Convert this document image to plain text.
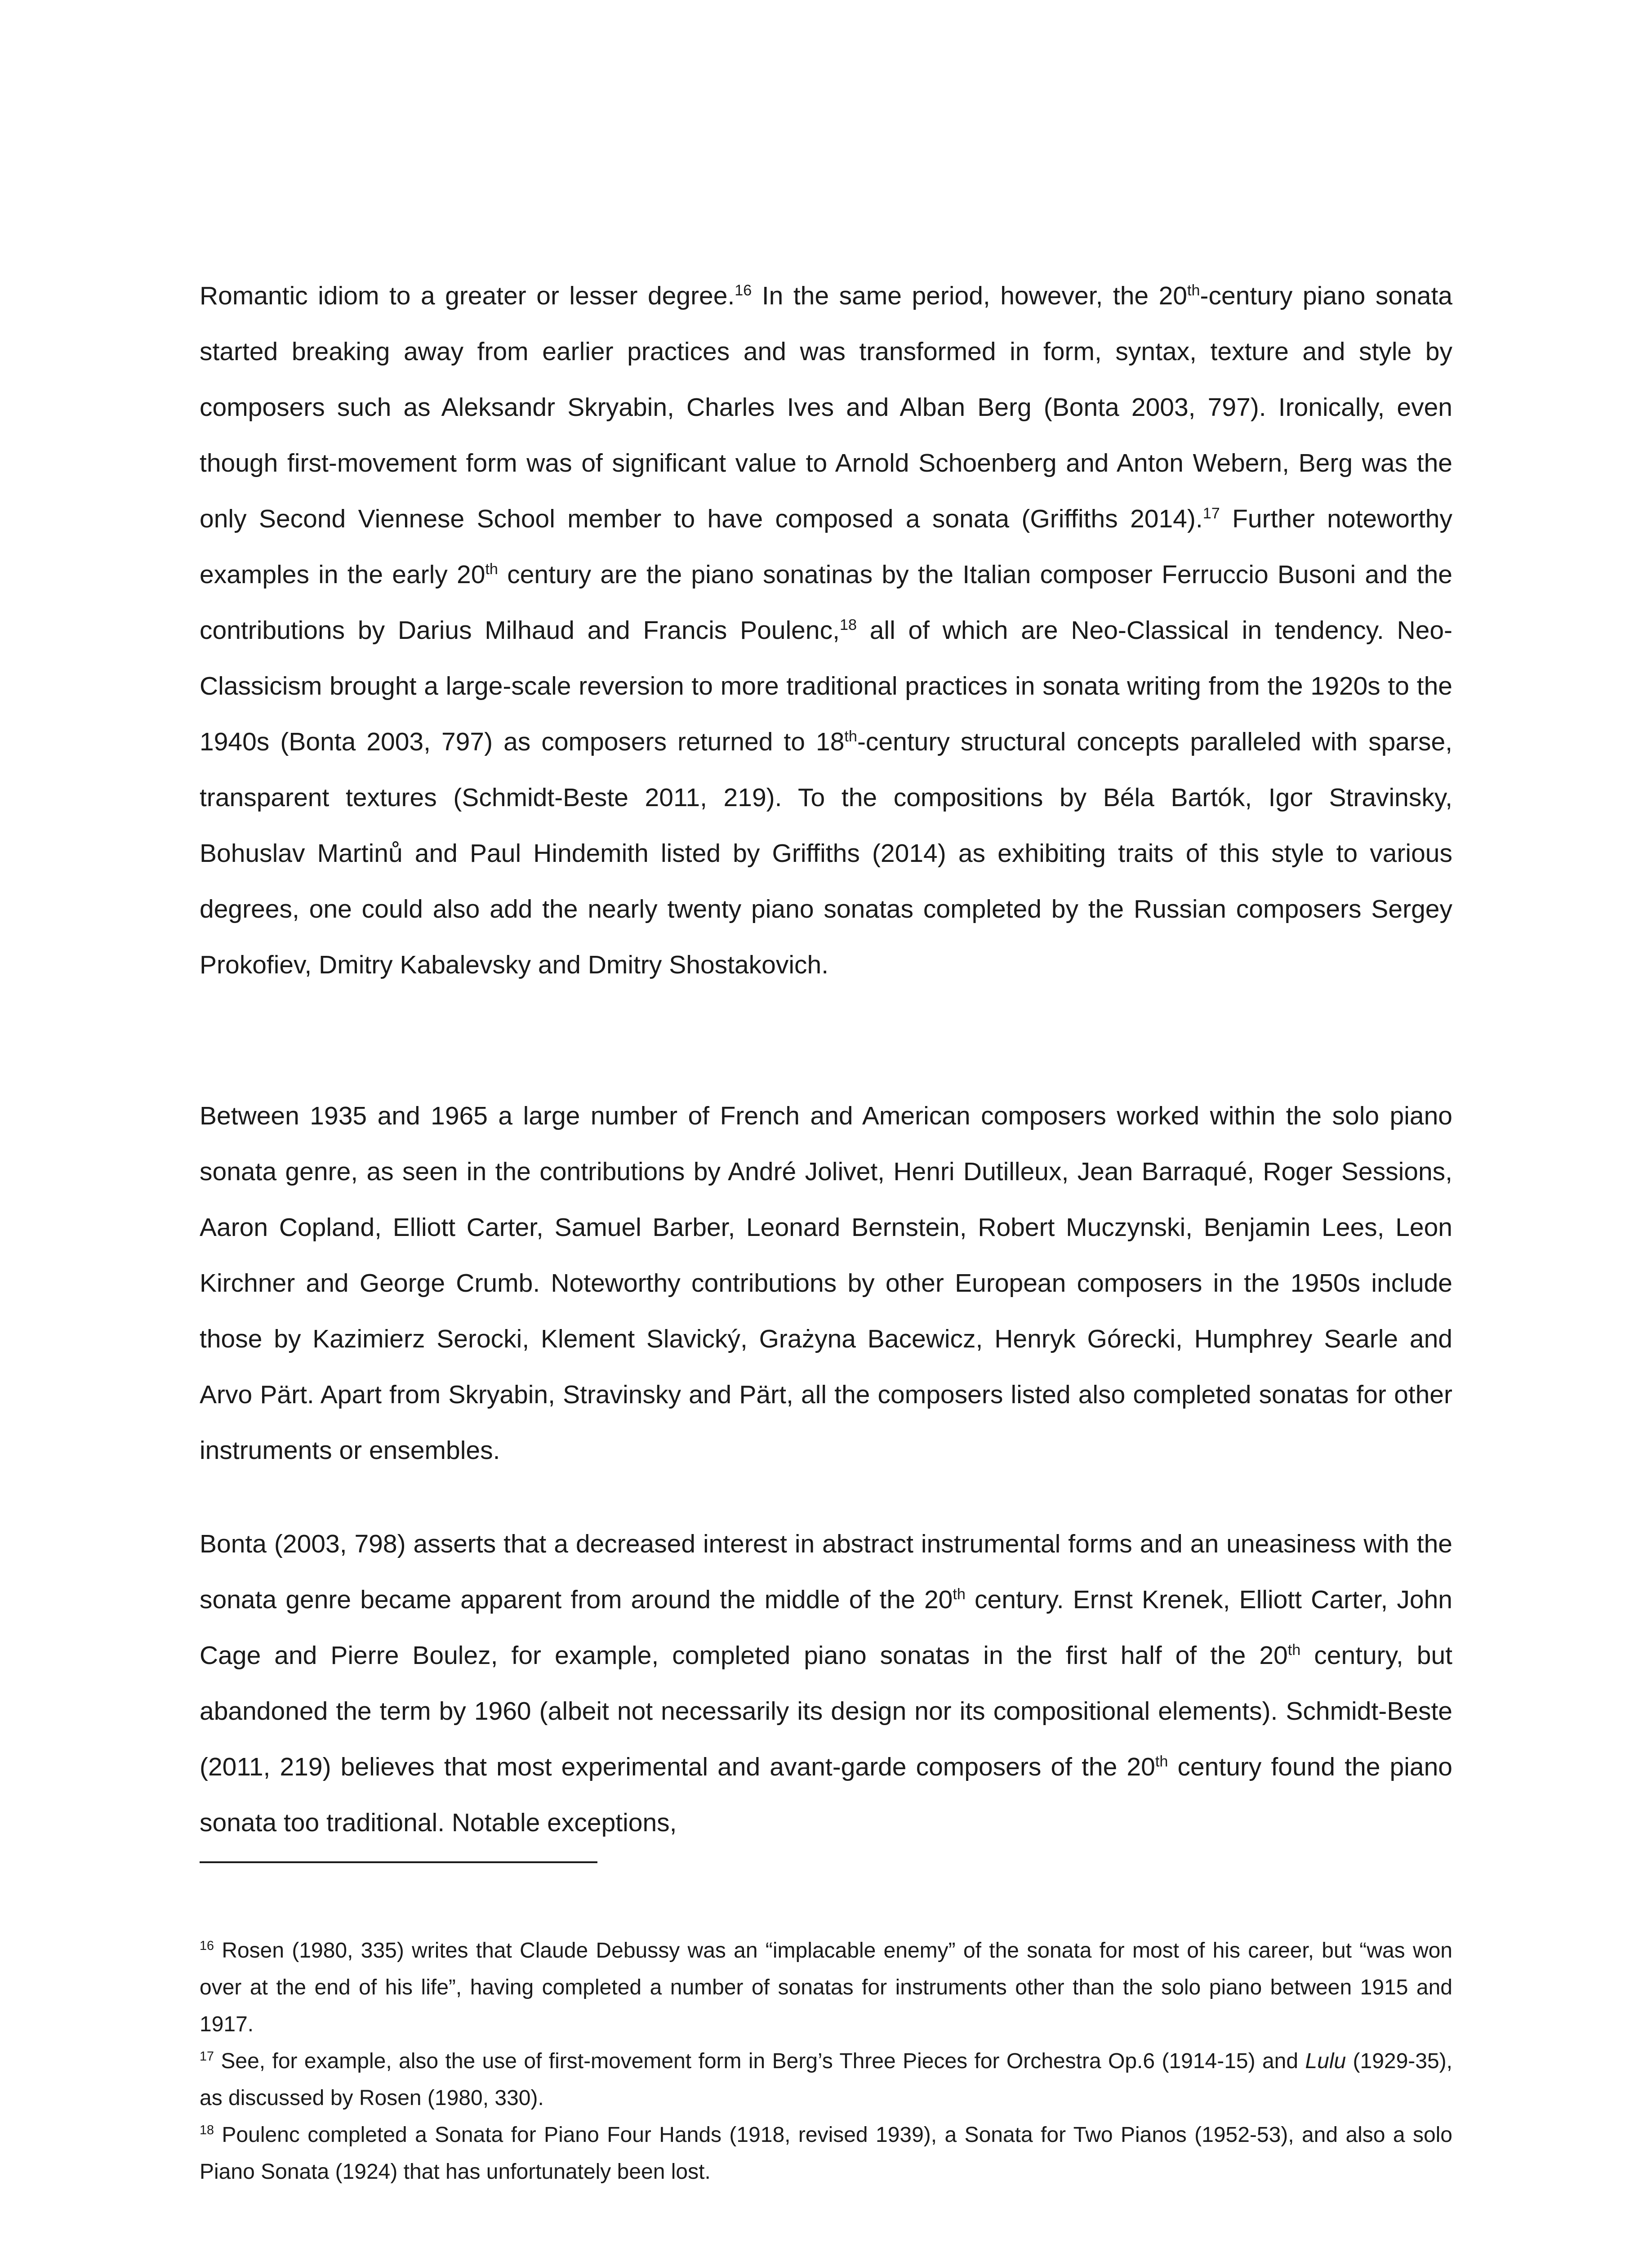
Romantic idiom to a greater or lesser degree.$^{16}$ In the same period, however, the 20th-century piano sonata started breaking away from earlier practices and was transformed in form, syntax, texture and style by composers such as Aleksandr Skryabin, Charles Ives and Alban Berg (Bonta 2003, 797). Ironically, even though first-movement form was of significant value to Arnold Schoenberg and Anton Webern, Berg was the only Second Viennese School member to have composed a sonata (Griffiths 2014).$^{17}$ Further noteworthy examples in the early 20th century are the piano sonatinas by the Italian composer Ferruccio Busoni and the contributions by Darius Milhaud and Francis Poulenc,$^{18}$ all of which are Neo-Classical in tendency. Neo-Classicism brought a large-scale reversion to more traditional practices in sonata writing from the 1920s to the 1940s (Bonta 2003, 797) as composers returned to 18th-century structural concepts paralleled with sparse, transparent textures (Schmidt-Beste 2011, 219). To the compositions by Béla Bartók, Igor Stravinsky, Bohuslav Martinů and Paul Hindemith listed by Griffiths (2014) as exhibiting traits of this style to various degrees, one could also add the nearly twenty piano sonatas completed by the Russian composers Sergey Prokofiev, Dmitry Kabalevsky and Dmitry Shostakovich.

Between 1935 and 1965 a large number of French and American composers worked within the solo piano sonata genre, as seen in the contributions by André Jolivet, Henri Dutilleux, Jean Barraqué, Roger Sessions, Aaron Copland, Elliott Carter, Samuel Barber, Leonard Bernstein, Robert Muczynski, Benjamin Lees, Leon Kirchner and George Crumb. Noteworthy contributions by other European composers in the 1950s include those by Kazimierz Serocki, Klement Slavický, Grażyna Bacewicz, Henryk Górecki, Humphrey Searle and Arvo Pärt. Apart from Skryabin, Stravinsky and Pärt, all the composers listed also completed sonatas for other instruments or ensembles.

Bonta (2003, 798) asserts that a decreased interest in abstract instrumental forms and an uneasiness with the sonata genre became apparent from around the middle of the 20th century. Ernst Krenek, Elliott Carter, John Cage and Pierre Boulez, for example, completed piano sonatas in the first half of the 20th century, but abandoned the term by 1960 (albeit not necessarily its design nor its compositional elements). Schmidt-Beste (2011, 219) believes that most experimental and avant-garde composers of the 20th century found the piano sonata too traditional. Notable exceptions,

$^{16}$ Rosen (1980, 335) writes that Claude Debussy was an “implacable enemy” of the sonata for most of his career, but “was won over at the end of his life”, having completed a number of sonatas for instruments other than the solo piano between 1915 and 1917.

$^{17}$ See, for example, also the use of first-movement form in Berg’s Three Pieces for Orchestra Op.6 (1914-15) and Lulu (1929-35), as discussed by Rosen (1980, 330).

$^{18}$ Poulenc completed a Sonata for Piano Four Hands (1918, revised 1939), a Sonata for Two Pianos (1952-53), and also a solo Piano Sonata (1924) that has unfortunately been lost.
